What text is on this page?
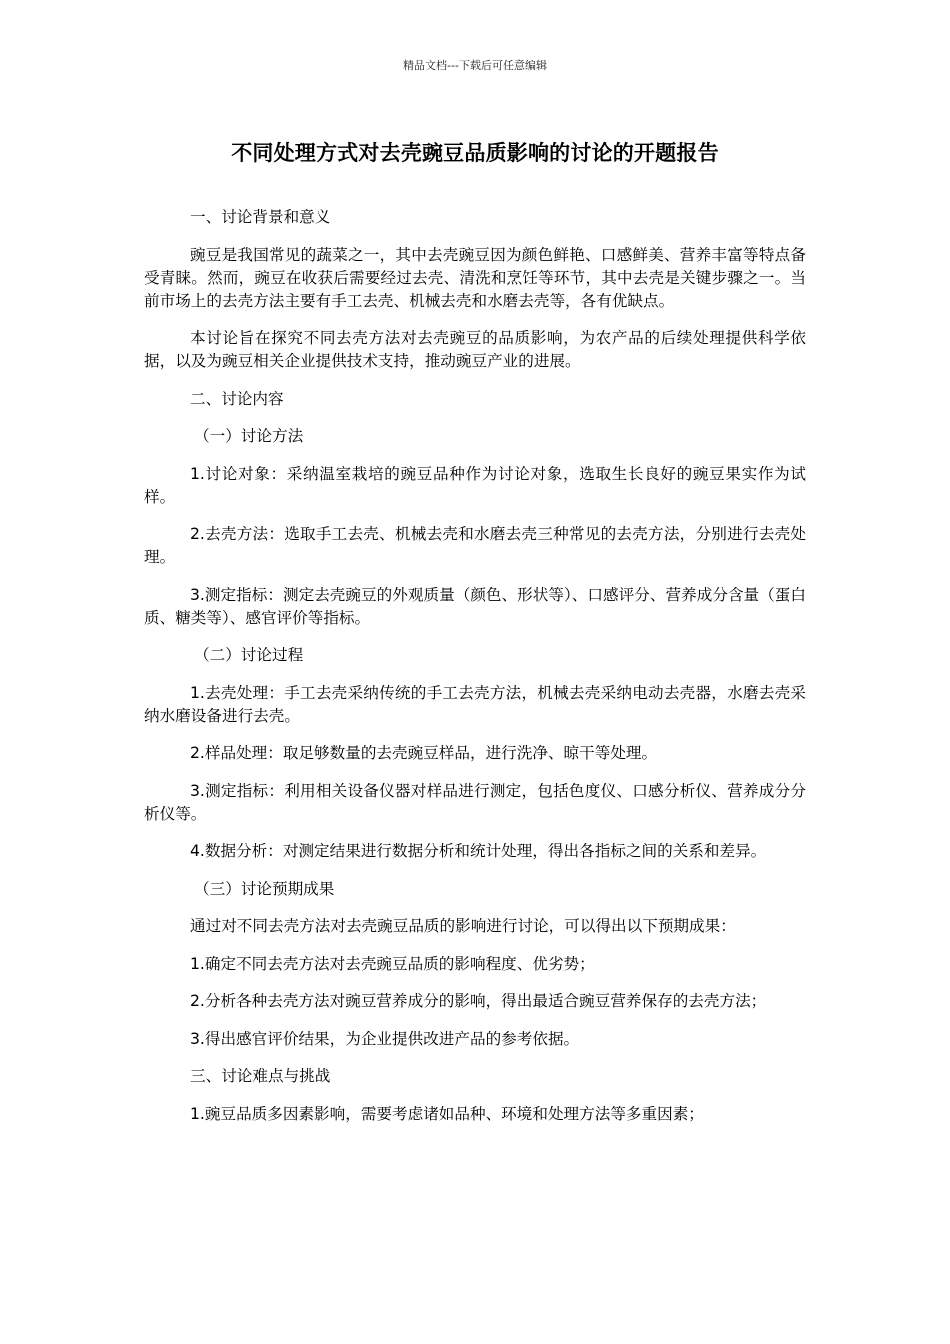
精品文档---下载后可任意编辑
不同处理方式对去壳豌豆品质影响的讨论的开题报告

一、讨论背景和意义

豌豆是我国常见的蔬菜之一，其中去壳豌豆因为颜色鲜艳、口感鲜美、营养丰富等特点备受青睐。然而，豌豆在收获后需要经过去壳、清洗和烹饪等环节，其中去壳是关键步骤之一。当前市场上的去壳方法主要有手工去壳、机械去壳和水磨去壳等，各有优缺点。

本讨论旨在探究不同去壳方法对去壳豌豆的品质影响，为农产品的后续处理提供科学依据，以及为豌豆相关企业提供技术支持，推动豌豆产业的进展。

二、讨论内容

（一）讨论方法

1.讨论对象：采纳温室栽培的豌豆品种作为讨论对象，选取生长良好的豌豆果实作为试样。

2.去壳方法：选取手工去壳、机械去壳和水磨去壳三种常见的去壳方法，分别进行去壳处理。

3.测定指标：测定去壳豌豆的外观质量（颜色、形状等）、口感评分、营养成分含量（蛋白质、糖类等）、感官评价等指标。

（二）讨论过程

1.去壳处理：手工去壳采纳传统的手工去壳方法，机械去壳采纳电动去壳器，水磨去壳采纳水磨设备进行去壳。

2.样品处理：取足够数量的去壳豌豆样品，进行洗净、晾干等处理。

3.测定指标：利用相关设备仪器对样品进行测定，包括色度仪、口感分析仪、营养成分分析仪等。

4.数据分析：对测定结果进行数据分析和统计处理，得出各指标之间的关系和差异。

（三）讨论预期成果

通过对不同去壳方法对去壳豌豆品质的影响进行讨论，可以得出以下预期成果：

1.确定不同去壳方法对去壳豌豆品质的影响程度、优劣势；

2.分析各种去壳方法对豌豆营养成分的影响，得出最适合豌豆营养保存的去壳方法；

3.得出感官评价结果，为企业提供改进产品的参考依据。

三、讨论难点与挑战

1.豌豆品质多因素影响，需要考虑诸如品种、环境和处理方法等多重因素；
